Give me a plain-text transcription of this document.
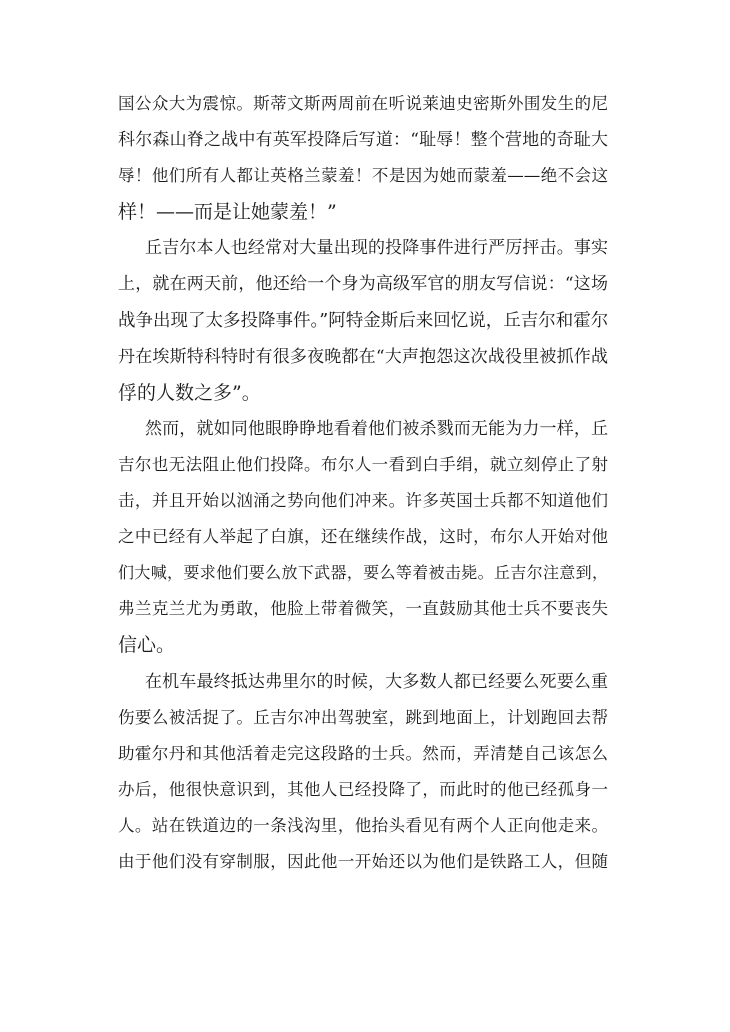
国公众大为震惊。斯蒂文斯两周前在听说莱迪史密斯外围发生的尼
科尔森山脊之战中有英军投降后写道：“耻辱！整个营地的奇耻大
辱！他们所有人都让英格兰蒙羞！不是因为她而蒙羞——绝不会这
样！——而是让她蒙羞！”
丘吉尔本人也经常对大量出现的投降事件进行严厉抨击。事实
上，就在两天前，他还给一个身为高级军官的朋友写信说：“这场
战争出现了太多投降事件。”阿特金斯后来回忆说，丘吉尔和霍尔
丹在埃斯特科特时有很多夜晚都在“大声抱怨这次战役里被抓作战
俘的人数之多”。
然而，就如同他眼睁睁地看着他们被杀戮而无能为力一样，丘
吉尔也无法阻止他们投降。布尔人一看到白手绢，就立刻停止了射
击，并且开始以汹涌之势向他们冲来。许多英国士兵都不知道他们
之中已经有人举起了白旗，还在继续作战，这时，布尔人开始对他
们大喊，要求他们要么放下武器，要么等着被击毙。丘吉尔注意到，
弗兰克兰尤为勇敢，他脸上带着微笑，一直鼓励其他士兵不要丧失
信心。
在机车最终抵达弗里尔的时候，大多数人都已经要么死要么重
伤要么被活捉了。丘吉尔冲出驾驶室，跳到地面上，计划跑回去帮
助霍尔丹和其他活着走完这段路的士兵。然而，弄清楚自己该怎么
办后，他很快意识到，其他人已经投降了，而此时的他已经孤身一
人。站在铁道边的一条浅沟里，他抬头看见有两个人正向他走来。
由于他们没有穿制服，因此他一开始还以为他们是铁路工人，但随
